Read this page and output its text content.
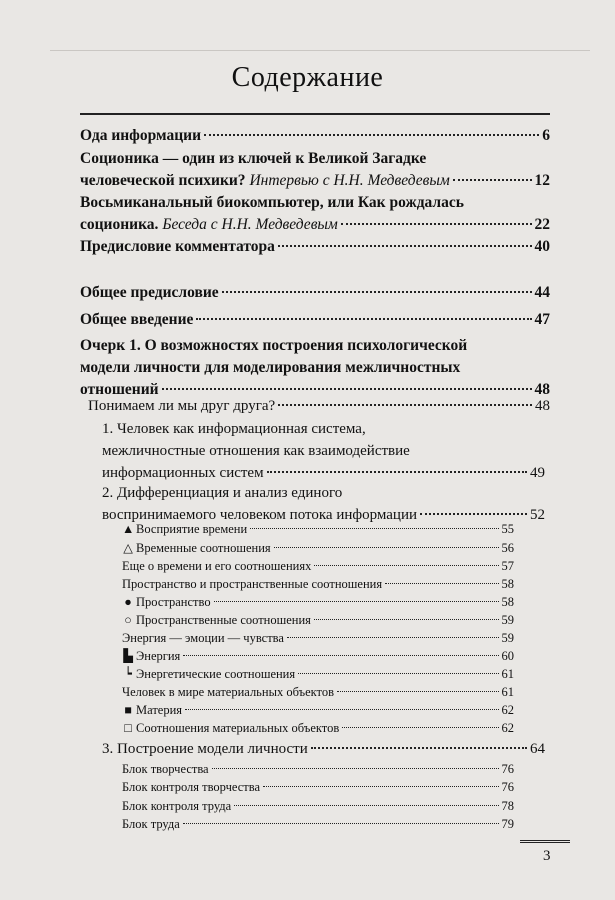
Содержание
Ода информации	6
Соционика — один из ключей к Великой Загадке
человеческой психики? Интервью с Н.Н. Медведевым	12
Восьмиканальный биокомпьютер, или Как рождалась
соционика. Беседа с Н.Н. Медведевым	22
Предисловие комментатора	40
Общее предисловие	44
Общее введение	47
Очерк 1. О возможностях построения психологической
модели личности для моделирования межличностных
отношений	48
Понимаем ли мы друг друга?	48
1. Человек как информационная система,
межличностные отношения как взаимодействие
информационных систем	49
2. Дифференциация и анализ единого
воспринимаемого человеком потока информации	52
▲ Восприятие времени	55
△ Временные соотношения	56
Еще о времени и его соотношениях	57
Пространство и пространственные соотношения	58
● Пространство	58
○ Пространственные соотношения	59
Энергия — эмоции — чувства	59
▙ Энергия	60
┕ Энергетические соотношения	61
Человек в мире материальных объектов	61
■ Материя	62
□ Соотношения материальных объектов	62
3. Построение модели личности	64
Блок творчества	76
Блок контроля творчества	76
Блок контроля труда	78
Блок труда	79
3
